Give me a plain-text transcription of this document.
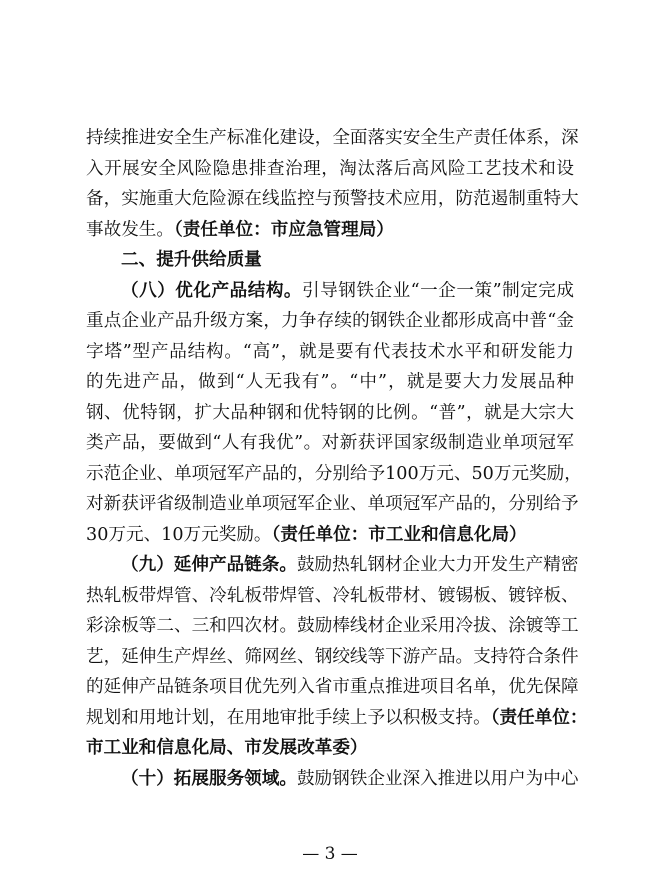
持续推进安全生产标准化建设，全面落实安全生产责任体系，深
入开展安全风险隐患排查治理，淘汰落后高风险工艺技术和设
备，实施重大危险源在线监控与预警技术应用，防范遏制重特大
事故发生。（责任单位：市应急管理局）
二、提升供给质量
（八）优化产品结构。引导钢铁企业“一企一策”制定完成
重点企业产品升级方案，力争存续的钢铁企业都形成高中普“金
字塔”型产品结构。“高”，就是要有代表技术水平和研发能力
的先进产品，做到“人无我有”。“中”，就是要大力发展品种
钢、优特钢，扩大品种钢和优特钢的比例。“普”，就是大宗大
类产品，要做到“人有我优”。对新获评国家级制造业单项冠军
示范企业、单项冠军产品的，分别给予100万元、50万元奖励，
对新获评省级制造业单项冠军企业、单项冠军产品的，分别给予
30万元、10万元奖励。（责任单位：市工业和信息化局）
（九）延伸产品链条。鼓励热轧钢材企业大力开发生产精密
热轧板带焊管、冷轧板带焊管、冷轧板带材、镀锡板、镀锌板、
彩涂板等二、三和四次材。鼓励棒线材企业采用冷拔、涂镀等工
艺，延伸生产焊丝、筛网丝、钢绞线等下游产品。支持符合条件
的延伸产品链条项目优先列入省市重点推进项目名单，优先保障
规划和用地计划，在用地审批手续上予以积极支持。（责任单位：
市工业和信息化局、市发展改革委）
（十）拓展服务领域。鼓励钢铁企业深入推进以用户为中心
— 3 —
